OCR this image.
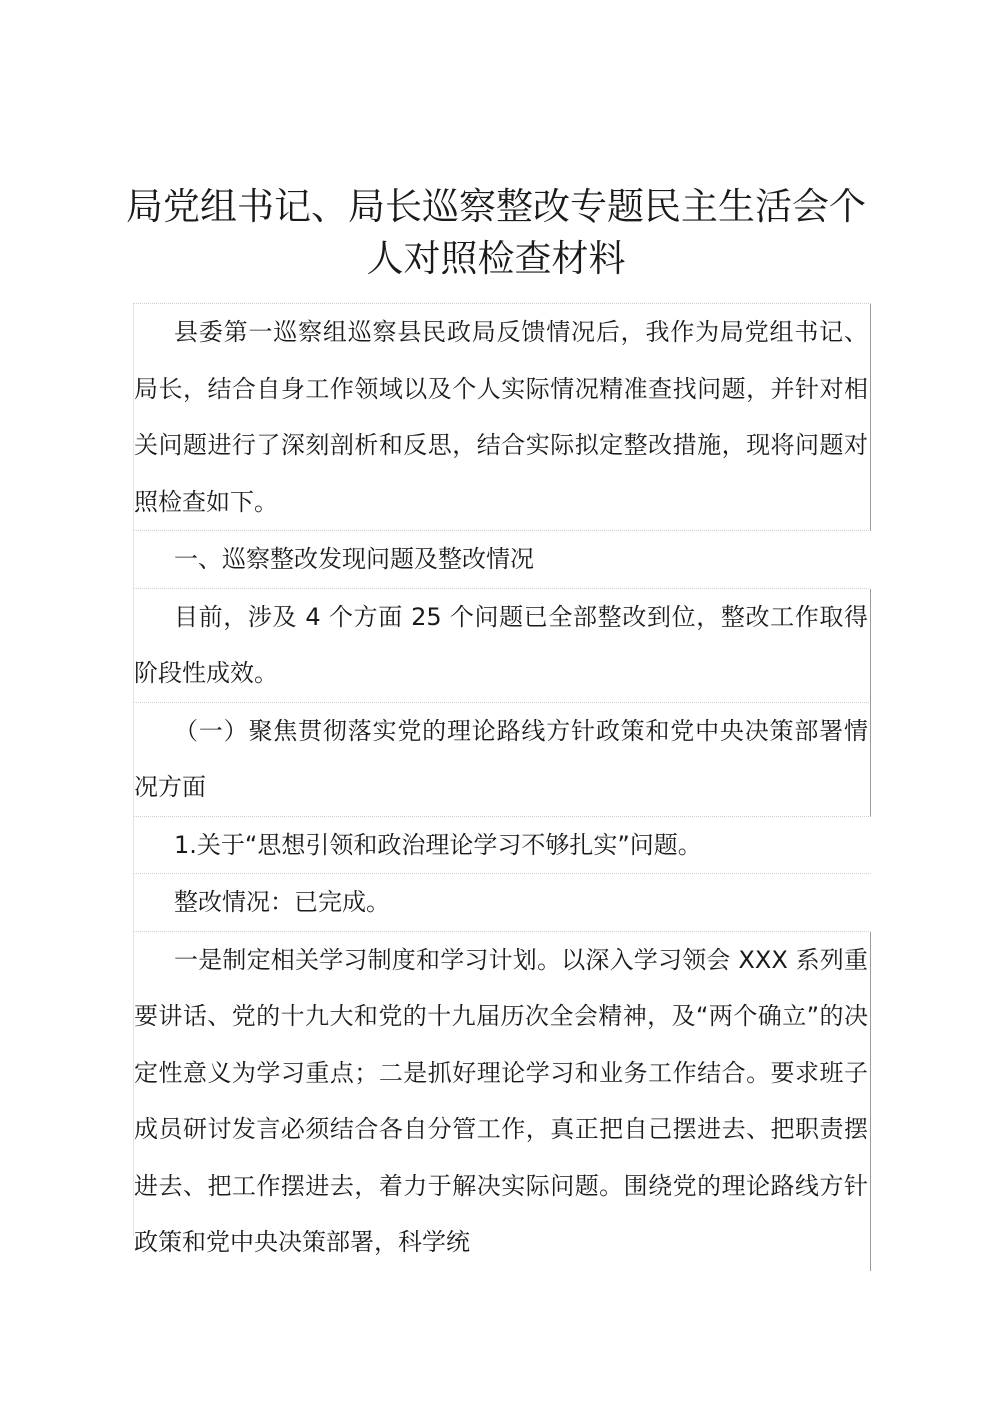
局党组书记、局长巡察整改专题民主生活会个
人对照检查材料

县委第一巡察组巡察县民政局反馈情况后，我作为局党组书记、局长，结合自身工作领域以及个人实际情况精准查找问题，并针对相关问题进行了深刻剖析和反思，结合实际拟定整改措施，现将问题对照检查如下。

一、巡察整改发现问题及整改情况

目前，涉及 4 个方面 25 个问题已全部整改到位，整改工作取得阶段性成效。

（一）聚焦贯彻落实党的理论路线方针政策和党中央决策部署情况方面

1.关于“思想引领和政治理论学习不够扎实”问题。

整改情况：已完成。

一是制定相关学习制度和学习计划。以深入学习领会 XXX 系列重要讲话、党的十九大和党的十九届历次全会精神，及“两个确立”的决定性意义为学习重点；二是抓好理论学习和业务工作结合。要求班子成员研讨发言必须结合各自分管工作，真正把自己摆进去、把职责摆进去、把工作摆进去，着力于解决实际问题。围绕党的理论路线方针政策和党中央决策部署，科学统
